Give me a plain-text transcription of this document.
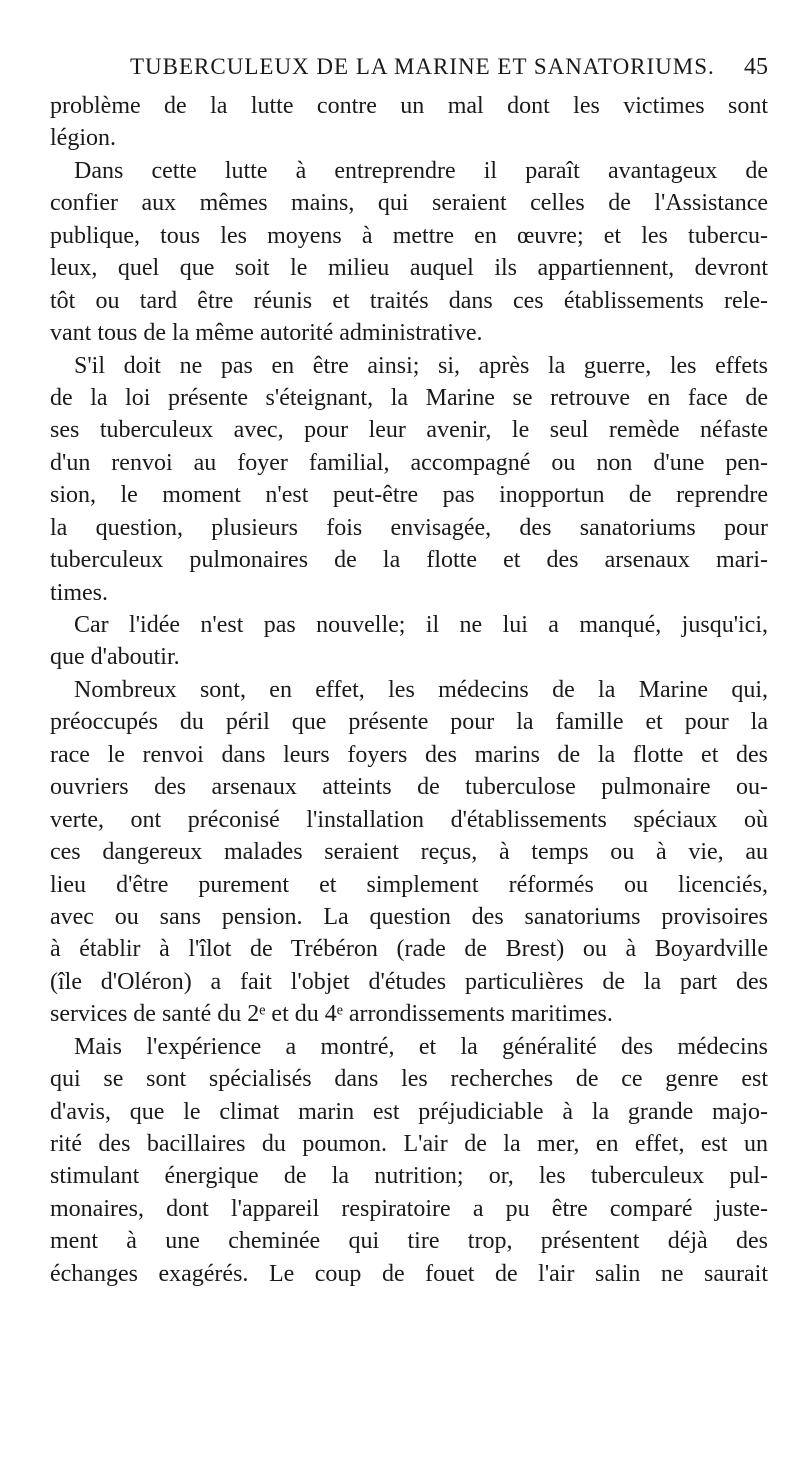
TUBERCULEUX DE LA MARINE ET SANATORIUMS. 45
problème de la lutte contre un mal dont les victimes sont
légion.
Dans cette lutte à entreprendre il paraît avantageux de
confier aux mêmes mains, qui seraient celles de l'Assistance
publique, tous les moyens à mettre en œuvre; et les tubercu-
leux, quel que soit le milieu auquel ils appartiennent, devront
tôt ou tard être réunis et traités dans ces établissements rele-
vant tous de la même autorité administrative.
S'il doit ne pas en être ainsi; si, après la guerre, les effets
de la loi présente s'éteignant, la Marine se retrouve en face de
ses tuberculeux avec, pour leur avenir, le seul remède néfaste
d'un renvoi au foyer familial, accompagné ou non d'une pen-
sion, le moment n'est peut-être pas inopportun de reprendre
la question, plusieurs fois envisagée, des sanatoriums pour
tuberculeux pulmonaires de la flotte et des arsenaux mari-
times.
Car l'idée n'est pas nouvelle; il ne lui a manqué, jusqu'ici,
que d'aboutir.
Nombreux sont, en effet, les médecins de la Marine qui,
préoccupés du péril que présente pour la famille et pour la
race le renvoi dans leurs foyers des marins de la flotte et des
ouvriers des arsenaux atteints de tuberculose pulmonaire ou-
verte, ont préconisé l'installation d'établissements spéciaux où
ces dangereux malades seraient reçus, à temps ou à vie, au
lieu d'être purement et simplement réformés ou licenciés,
avec ou sans pension. La question des sanatoriums provisoires
à établir à l'îlot de Trébéron (rade de Brest) ou à Boyardville
(île d'Oléron) a fait l'objet d'études particulières de la part des
services de santé du 2ᵉ et du 4ᵉ arrondissements maritimes.
Mais l'expérience a montré, et la généralité des médecins
qui se sont spécialisés dans les recherches de ce genre est
d'avis, que le climat marin est préjudiciable à la grande majo-
rité des bacillaires du poumon. L'air de la mer, en effet, est un
stimulant énergique de la nutrition; or, les tuberculeux pul-
monaires, dont l'appareil respiratoire a pu être comparé juste-
ment à une cheminée qui tire trop, présentent déjà des
échanges exagérés. Le coup de fouet de l'air salin ne saurait
